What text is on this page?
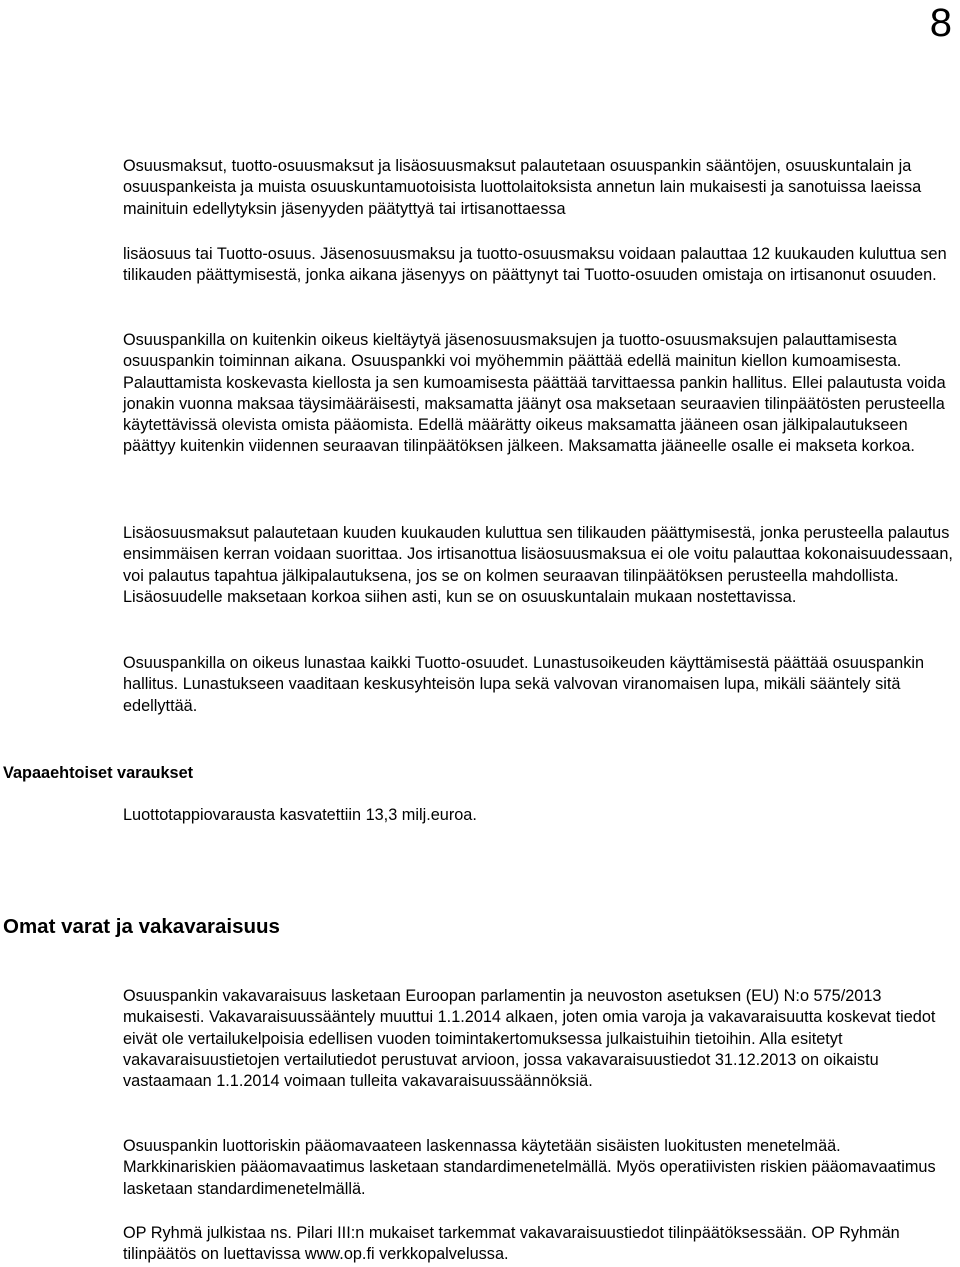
8

Osuusmaksut, tuotto-osuusmaksut ja lisäosuusmaksut palautetaan osuuspankin sääntöjen, osuuskuntalain ja osuuspankeista ja muista osuuskuntamuotoisista luottolaitoksista annetun lain mukaisesti ja sanotuissa laeissa mainituin edellytyksin jäsenyyden päätyttyä tai irtisanottaessa

lisäosuus tai Tuotto-osuus. Jäsenosuusmaksu ja tuotto-osuusmaksu voidaan palauttaa 12 kuukauden kuluttua sen tilikauden päättymisestä, jonka aikana jäsenyys on päättynyt tai Tuotto-osuuden omistaja on irtisanonut osuuden.

Osuuspankilla on kuitenkin oikeus kieltäytyä jäsenosuusmaksujen ja tuotto-osuusmaksujen palauttamisesta osuuspankin toiminnan aikana. Osuuspankki voi myöhemmin päättää edellä mainitun kiellon kumoamisesta. Palauttamista koskevasta kiellosta ja sen kumoamisesta päättää tarvittaessa pankin hallitus. Ellei palautusta voida jonakin vuonna maksaa täysimääräisesti, maksamatta jäänyt osa maksetaan seuraavien tilinpäätösten perusteella käytettävissä olevista omista pääomista. Edellä määrätty oikeus maksamatta jääneen osan jälkipalautukseen päättyy kuitenkin viidennen seuraavan tilinpäätöksen jälkeen. Maksamatta jääneelle osalle ei makseta korkoa.

Lisäosuusmaksut palautetaan kuuden kuukauden kuluttua sen tilikauden päättymisestä, jonka perusteella palautus ensimmäisen kerran voidaan suorittaa. Jos irtisanottua lisäosuusmaksua ei ole voitu palauttaa kokonaisuudessaan, voi palautus tapahtua jälkipalautuksena, jos se on kolmen seuraavan tilinpäätöksen perusteella mahdollista. Lisäosuudelle maksetaan korkoa siihen asti, kun se on osuuskuntalain mukaan nostettavissa.

Osuuspankilla on oikeus lunastaa kaikki Tuotto-osuudet. Lunastusoikeuden käyttämisestä päättää osuuspankin hallitus. Lunastukseen vaaditaan keskusyhteisön lupa sekä valvovan viranomaisen lupa, mikäli sääntely sitä edellyttää.

Vapaaehtoiset varaukset

Luottotappiovarausta kasvatettiin 13,3 milj.euroa.

Omat varat ja vakavaraisuus

Osuuspankin vakavaraisuus lasketaan Euroopan parlamentin ja neuvoston asetuksen (EU) N:o 575/2013 mukaisesti. Vakavaraisuussääntely muuttui 1.1.2014 alkaen, joten omia varoja ja vakavaraisuutta koskevat tiedot eivät ole vertailukelpoisia edellisen vuoden toimintakertomuksessa julkaistuihin tietoihin. Alla esitetyt vakavaraisuustietojen vertailutiedot perustuvat arvioon, jossa vakavaraisuustiedot 31.12.2013 on oikaistu vastaamaan 1.1.2014 voimaan tulleita vakavaraisuussäännöksiä.

Osuuspankin luottoriskin pääomavaateen laskennassa käytetään sisäisten luokitusten menetelmää. Markkinariskien pääomavaatimus lasketaan standardimenetelmällä. Myös operatiivisten riskien pääomavaatimus lasketaan standardimenetelmällä.

OP Ryhmä julkistaa ns. Pilari III:n mukaiset tarkemmat vakavaraisuustiedot tilinpäätöksessään. OP Ryhmän tilinpäätös on luettavissa www.op.fi verkkopalvelussa.
